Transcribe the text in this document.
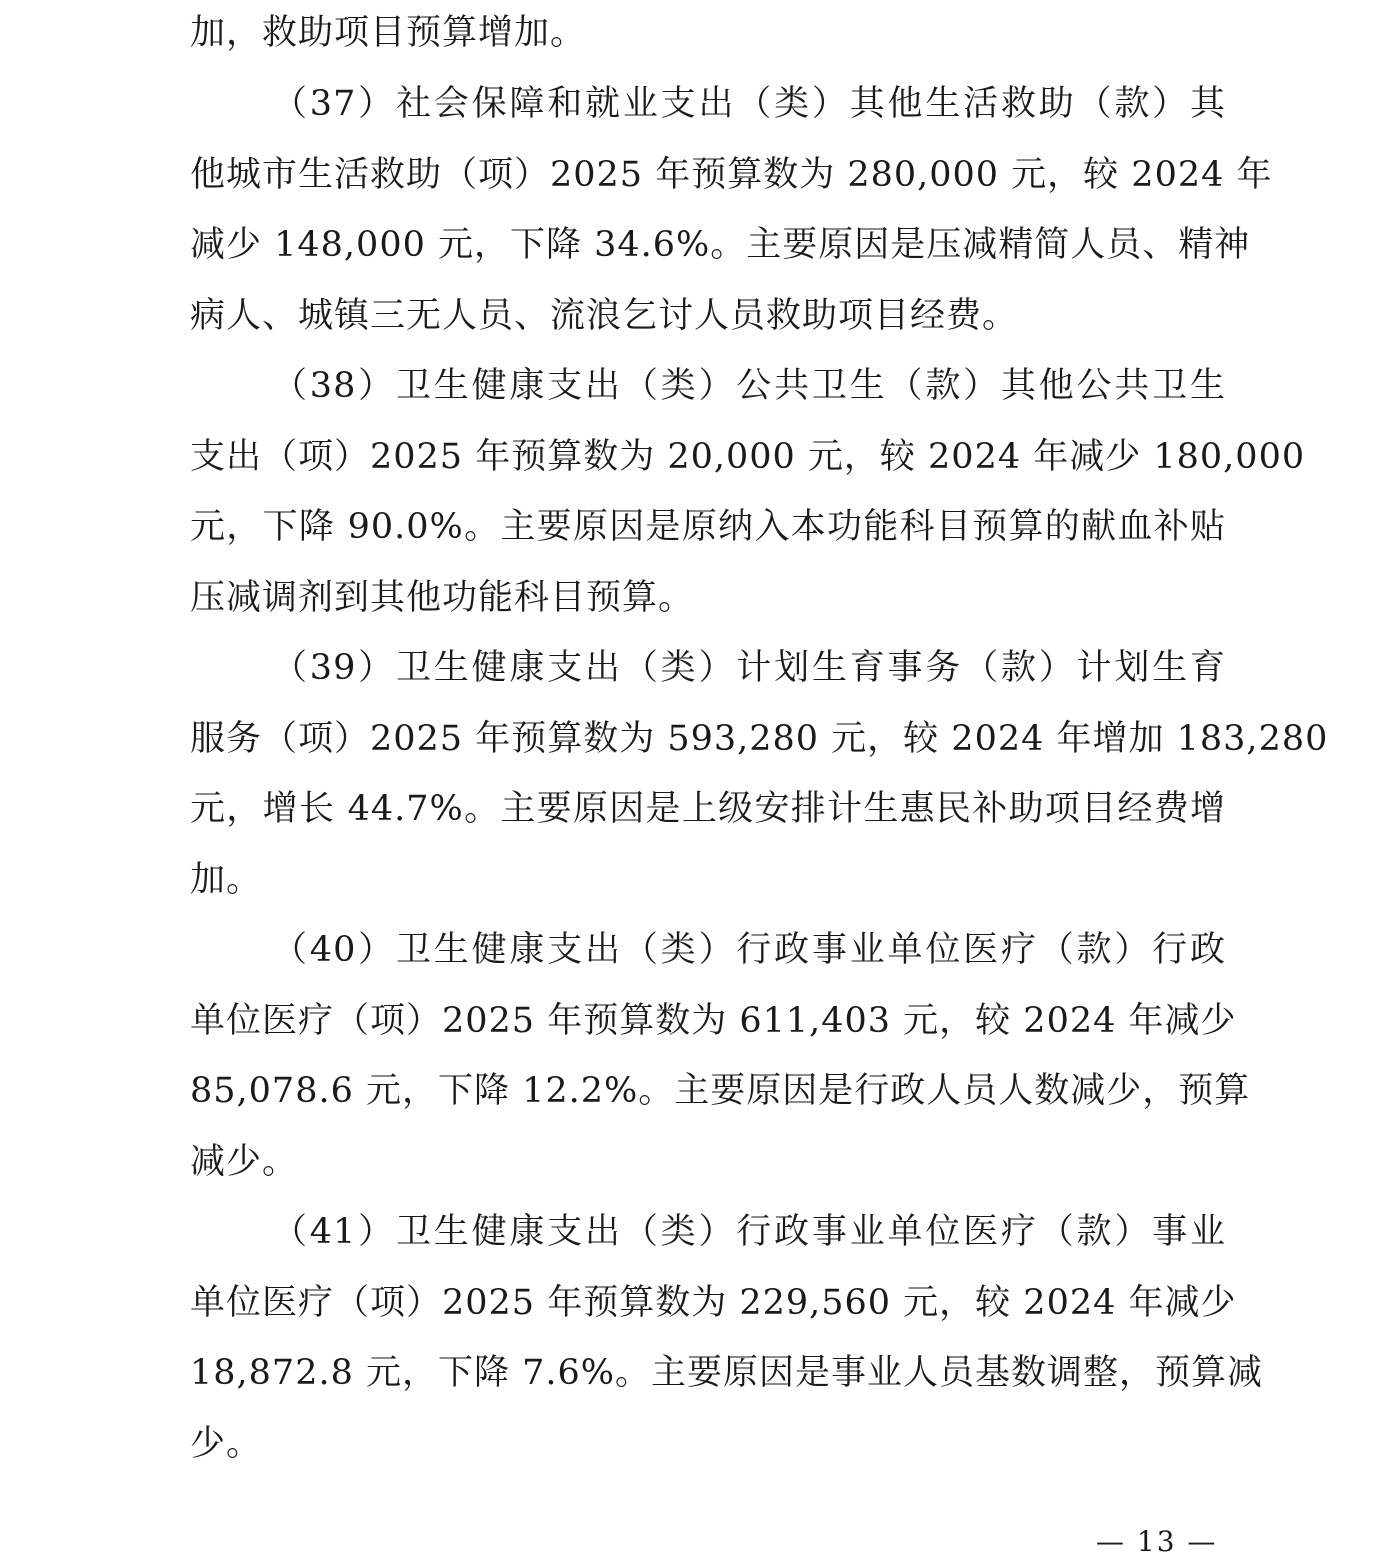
加，救助项目预算增加。
（37）社会保障和就业支出（类）其他生活救助（款）其
他城市生活救助（项）2025 年预算数为 280,000 元，较 2024 年
减少 148,000 元，下降 34.6%。主要原因是压减精简人员、精神
病人、城镇三无人员、流浪乞讨人员救助项目经费。
（38）卫生健康支出（类）公共卫生（款）其他公共卫生
支出（项）2025 年预算数为 20,000 元，较 2024 年减少 180,000
元，下降 90.0%。主要原因是原纳入本功能科目预算的献血补贴
压减调剂到其他功能科目预算。
（39）卫生健康支出（类）计划生育事务（款）计划生育
服务（项）2025 年预算数为 593,280 元，较 2024 年增加 183,280
元，增长 44.7%。主要原因是上级安排计生惠民补助项目经费增
加。
（40）卫生健康支出（类）行政事业单位医疗（款）行政
单位医疗（项）2025 年预算数为 611,403 元，较 2024 年减少
85,078.6 元，下降 12.2%。主要原因是行政人员人数减少，预算
减少。
（41）卫生健康支出（类）行政事业单位医疗（款）事业
单位医疗（项）2025 年预算数为 229,560 元，较 2024 年减少
18,872.8 元，下降 7.6%。主要原因是事业人员基数调整，预算减
少。
— 13 —
